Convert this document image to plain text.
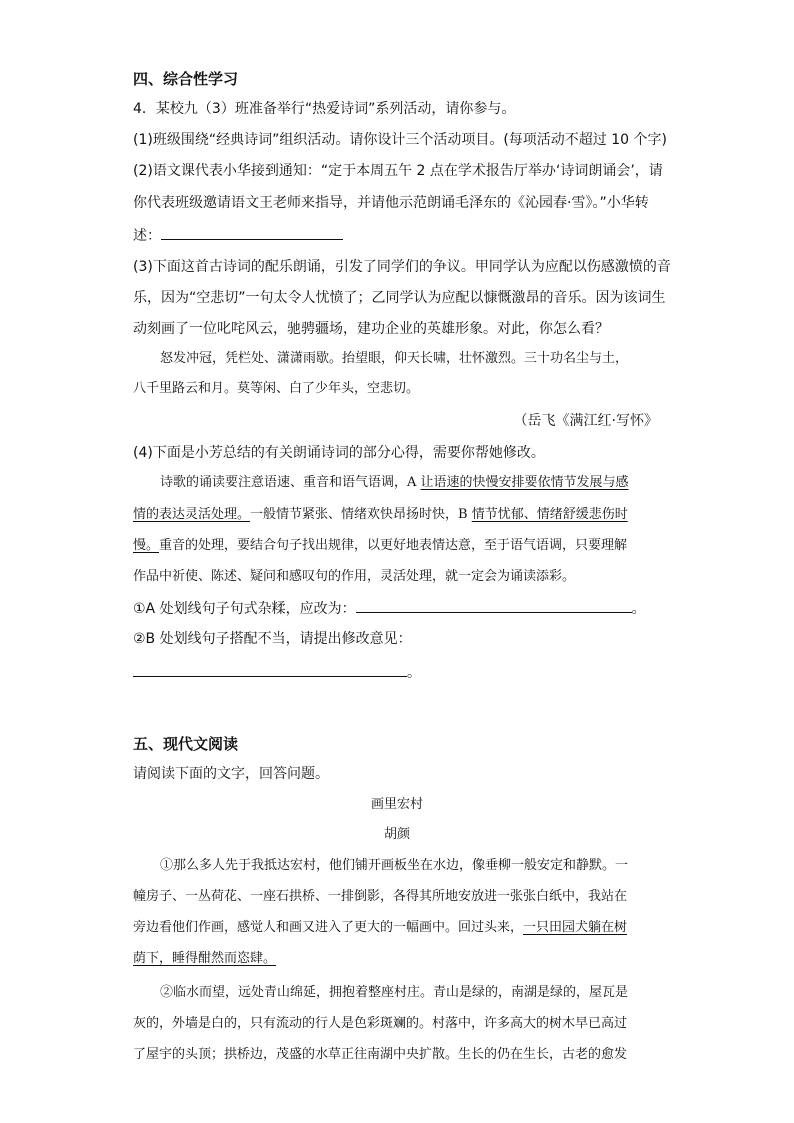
四、综合性学习
4．某校九（3）班准备举行“热爱诗词”系列活动，请你参与。
(1)班级围绕“经典诗词”组织活动。请你设计三个活动项目。(每项活动不超过 10 个字)
(2)语文课代表小华接到通知：“定于本周五午 2 点在学术报告厅举办‘诗词朗诵会’，请
你代表班级邀请语文王老师来指导，并请他示范朗诵毛泽东的《沁园春·雪》。”小华转
述：
(3)下面这首古诗词的配乐朗诵，引发了同学们的争议。甲同学认为应配以伤感激愤的音
乐，因为“空悲切”一句太令人忧愤了；乙同学认为应配以慷慨激昂的音乐。因为该词生
动刻画了一位叱咤风云，驰骋疆场，建功企业的英雄形象。对此，你怎么看？
怒发冲冠，凭栏处、潇潇雨歇。抬望眼，仰天长啸，壮怀激烈。三十功名尘与土，
八千里路云和月。莫等闲、白了少年头，空悲切。
（岳飞《满江红·写怀》
(4)下面是小芳总结的有关朗诵诗词的部分心得，需要你帮她修改。
诗歌的诵读要注意语速、重音和语气语调，A 让语速的快慢安排要依情节发展与感
情的表达灵活处理。一般情节紧张、情绪欢快昂扬时快，B 情节忧郁、情绪舒缓悲伤时
慢。重音的处理，要结合句子找出规律，以更好地表情达意，至于语气语调，只要理解
作品中祈使、陈述、疑问和感叹句的作用，灵活处理，就一定会为诵读添彩。
①A 处划线句子句式杂糅，应改为：	。
②B 处划线句子搭配不当，请提出修改意见：
。
五、现代文阅读
请阅读下面的文字，回答问题。
画里宏村
胡颜
①那么多人先于我抵达宏村，他们铺开画板坐在水边，像垂柳一般安定和静默。一
幢房子、一丛荷花、一座石拱桥、一排倒影，各得其所地安放进一张张白纸中，我站在
旁边看他们作画，感觉人和画又进入了更大的一幅画中。回过头来，一只田园犬躺在树
荫下，睡得酣然而恣肆。
②临水而望，远处青山绵延，拥抱着整座村庄。青山是绿的，南湖是绿的，屋瓦是
灰的，外墙是白的，只有流动的行人是色彩斑斓的。村落中，许多高大的树木早已高过
了屋宇的头顶；拱桥边，茂盛的水草正往南湖中央扩散。生长的仍在生长，古老的愈发
